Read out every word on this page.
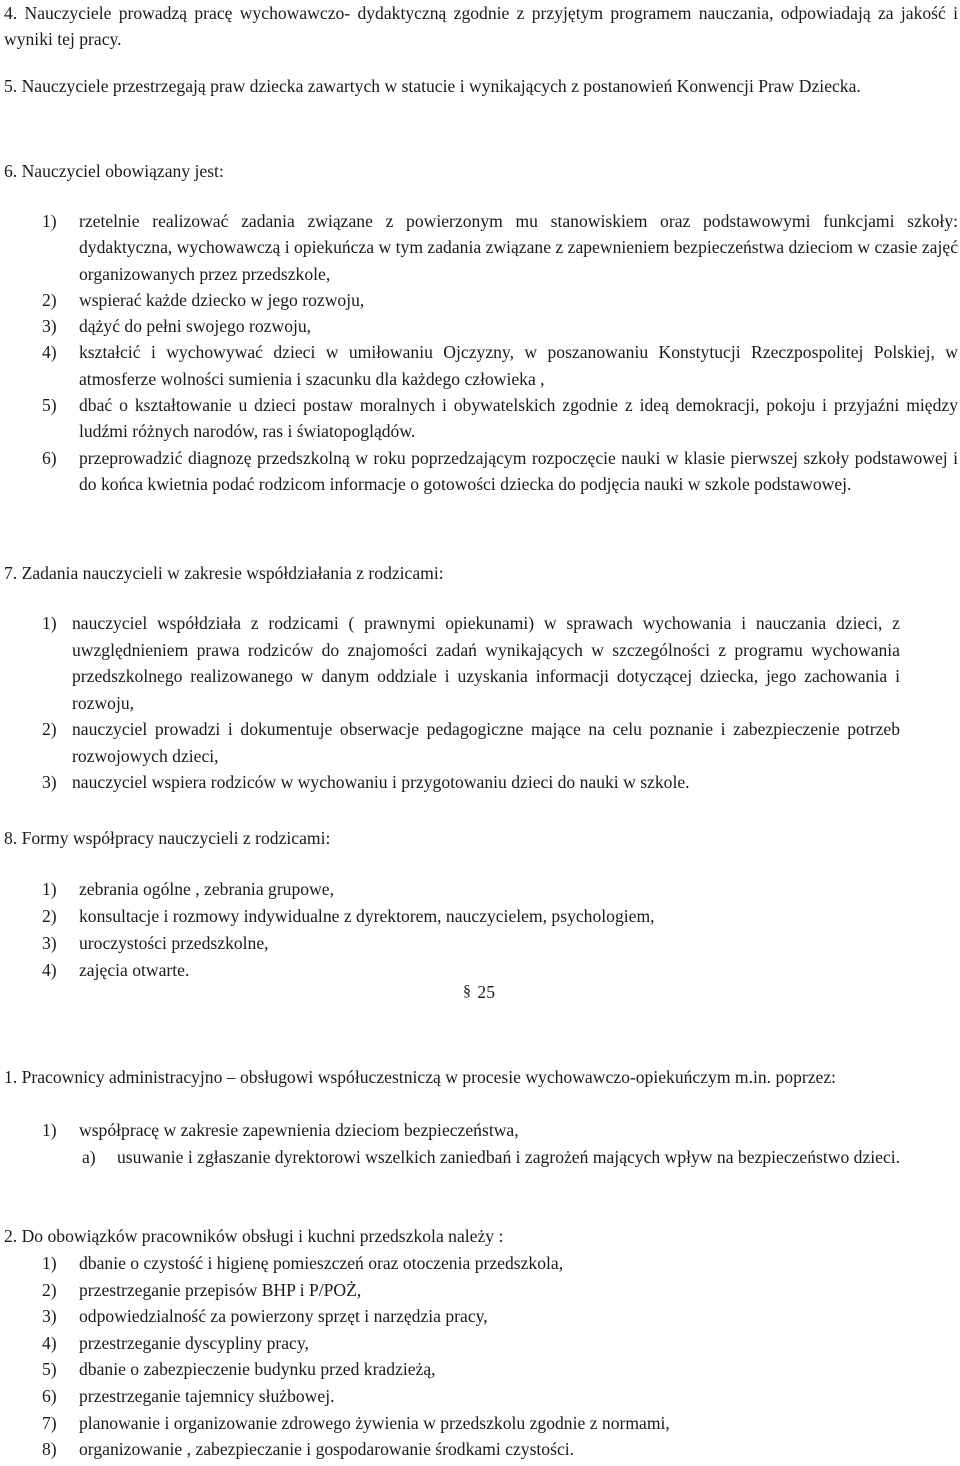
4. Nauczyciele prowadzą pracę wychowawczo- dydaktyczną zgodnie z przyjętym programem nauczania, odpowiadają za jakość i wyniki tej pracy.
5. Nauczyciele przestrzegają praw dziecka zawartych w statucie i wynikających z postanowień Konwencji Praw Dziecka.
6. Nauczyciel obowiązany jest:
1)	rzetelnie realizować zadania związane z powierzonym mu stanowiskiem oraz podstawowymi funkcjami szkoły: dydaktyczna, wychowawczą i opiekuńcza w tym zadania związane z zapewnieniem bezpieczeństwa dzieciom w czasie zajęć organizowanych przez przedszkole,
2)	wspierać każde dziecko w jego rozwoju,
3)	dążyć do pełni swojego rozwoju,
4)	kształcić i wychowywać dzieci w umiłowaniu Ojczyzny, w poszanowaniu Konstytucji Rzeczpospolitej Polskiej, w atmosferze wolności sumienia i szacunku dla każdego człowieka ,
5)	dbać o kształtowanie u dzieci postaw moralnych i obywatelskich zgodnie z ideą demokracji, pokoju i przyjaźni między ludźmi różnych narodów, ras i światopoglądów.
6)	przeprowadzić diagnozę przedszkolną w roku poprzedzającym rozpoczęcie nauki w klasie pierwszej szkoły podstawowej i do końca kwietnia podać rodzicom informacje o gotowości dziecka do podjęcia nauki w szkole podstawowej.
7. Zadania nauczycieli w zakresie współdziałania z rodzicami:
1) nauczyciel współdziała z rodzicami ( prawnymi opiekunami) w sprawach wychowania i nauczania dzieci, z uwzględnieniem prawa rodziców do znajomości zadań wynikających w szczególności z programu wychowania przedszkolnego realizowanego w danym oddziale i uzyskania informacji dotyczącej dziecka, jego zachowania i rozwoju,
2) nauczyciel prowadzi i dokumentuje obserwacje pedagogiczne mające na celu poznanie i zabezpieczenie potrzeb rozwojowych dzieci,
3) nauczyciel wspiera rodziców w wychowaniu i przygotowaniu dzieci do nauki w szkole.
8. Formy współpracy nauczycieli z rodzicami:
1)	zebrania ogólne , zebrania grupowe,
2)	konsultacje i rozmowy indywidualne z dyrektorem, nauczycielem, psychologiem,
3)	uroczystości przedszkolne,
4)	zajęcia otwarte.
§ 25
1. Pracownicy administracyjno – obsługowi współuczestniczą w procesie wychowawczo-opiekuńczym m.in. poprzez:
1)	współpracę w zakresie zapewnienia dzieciom bezpieczeństwa,
a)	usuwanie i zgłaszanie dyrektorowi wszelkich zaniedbań i zagrożeń mających wpływ na bezpieczeństwo dzieci.
2. Do obowiązków pracowników obsługi i kuchni przedszkola należy :
1)	dbanie o czystość i higienę pomieszczeń oraz otoczenia przedszkola,
2)	przestrzeganie przepisów BHP i P/POŻ,
3)	odpowiedzialność za powierzony sprzęt i narzędzia pracy,
4)	przestrzeganie dyscypliny pracy,
5)	dbanie o zabezpieczenie budynku przed kradzieżą,
6)	przestrzeganie tajemnicy służbowej.
7)	planowanie i organizowanie zdrowego żywienia w przedszkolu zgodnie z normami,
8)	organizowanie , zabezpieczanie i gospodarowanie środkami czystości.
